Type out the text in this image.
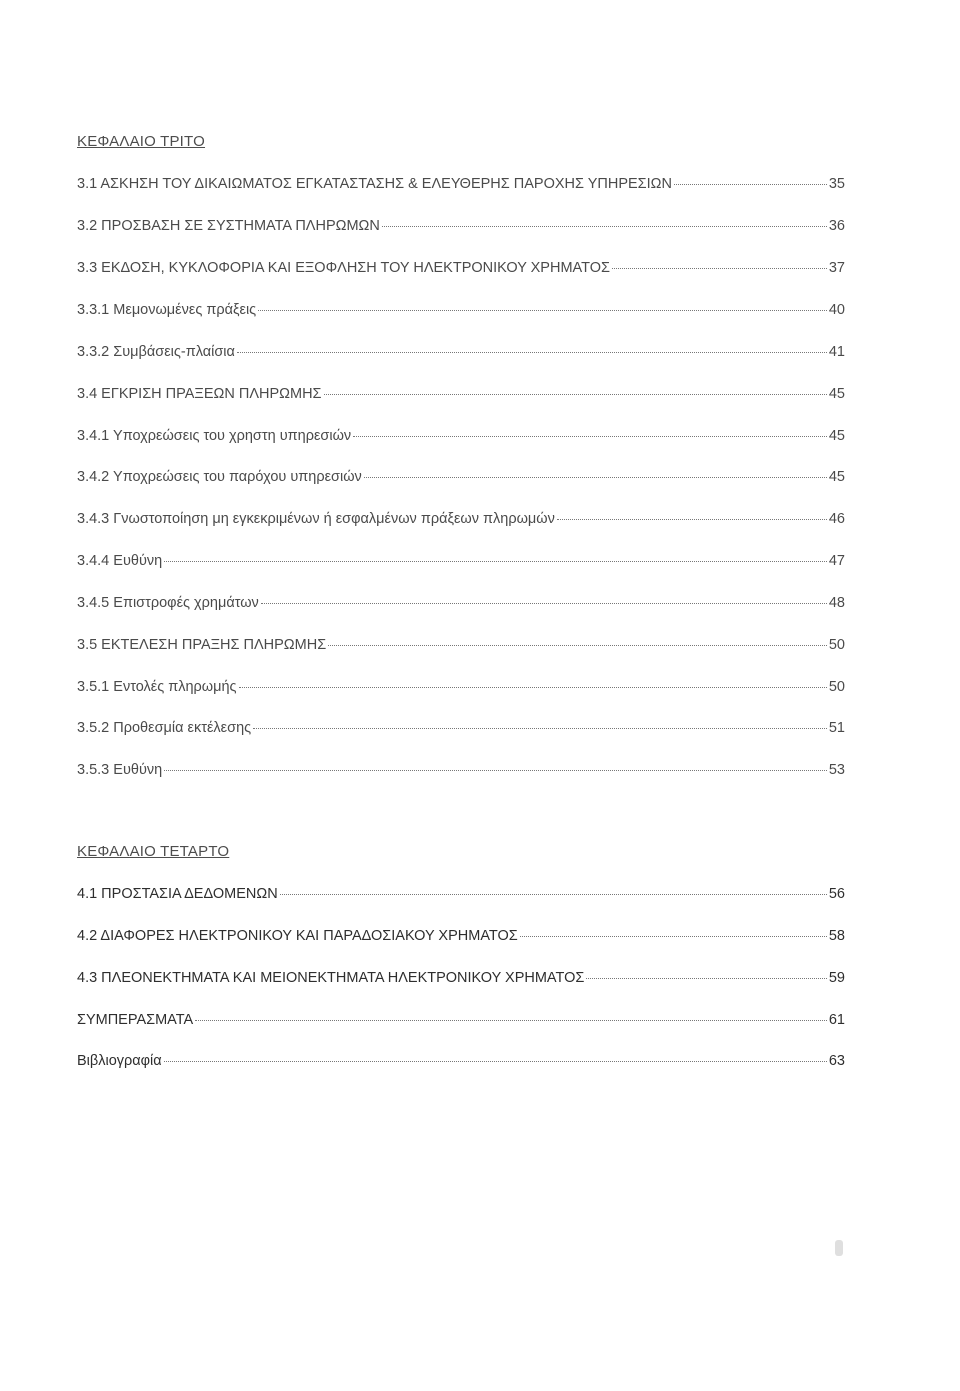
ΚΕΦΑΛΑΙΟ ΤΡΙΤΟ
3.1 ΑΣΚΗΣΗ ΤΟΥ ΔΙΚΑΙΩΜΑΤΟΣ ΕΓΚΑΤΑΣΤΑΣΗΣ & ΕΛΕΥΘΕΡΗΣ ΠΑΡΟΧΗΣ ΥΠΗΡΕΣΙΩΝ	35
3.2 ΠΡΟΣΒΑΣΗ ΣΕ ΣΥΣΤΗΜΑΤΑ ΠΛΗΡΩΜΩΝ	36
3.3 ΕΚΔΟΣΗ, ΚΥΚΛΟΦΟΡΙΑ ΚΑΙ ΕΞΟΦΛΗΣΗ ΤΟΥ ΗΛΕΚΤΡΟΝΙΚΟΥ ΧΡΗΜΑΤΟΣ	37
3.3.1 Μεμονωμένες πράξεις	40
3.3.2 Συμβάσεις-πλαίσια	41
3.4 ΕΓΚΡΙΣΗ ΠΡΑΞΕΩΝ ΠΛΗΡΩΜΗΣ	45
3.4.1 Υποχρεώσεις του χρηστη υπηρεσιών	45
3.4.2 Υποχρεώσεις του παρόχου υπηρεσιών	45
3.4.3 Γνωστοποίηση μη εγκεκριμένων ή εσφαλμένων πράξεων πληρωμών	46
3.4.4 Ευθύνη	47
3.4.5 Επιστροφές χρημάτων	48
3.5 ΕΚΤΕΛΕΣΗ ΠΡΑΞΗΣ ΠΛΗΡΩΜΗΣ	50
3.5.1 Εντολές πληρωμής	50
3.5.2 Προθεσμία εκτέλεσης	51
3.5.3 Ευθύνη	53
ΚΕΦΑΛΑΙΟ ΤΕΤΑΡΤΟ
4.1 ΠΡΟΣΤΑΣΙΑ ΔΕΔΟΜΕΝΩΝ	56
4.2 ΔΙΑΦΟΡΕΣ ΗΛΕΚΤΡΟΝΙΚΟΥ ΚΑΙ ΠΑΡΑΔΟΣΙΑΚΟΥ ΧΡΗΜΑΤΟΣ	58
4.3 ΠΛΕΟΝΕΚΤΗΜΑΤΑ ΚΑΙ ΜΕΙΟΝΕΚΤΗΜΑΤΑ ΗΛΕΚΤΡΟΝΙΚΟΥ ΧΡΗΜΑΤΟΣ	59
ΣΥΜΠΕΡΑΣΜΑΤΑ	61
Βιβλιογραφία	63
